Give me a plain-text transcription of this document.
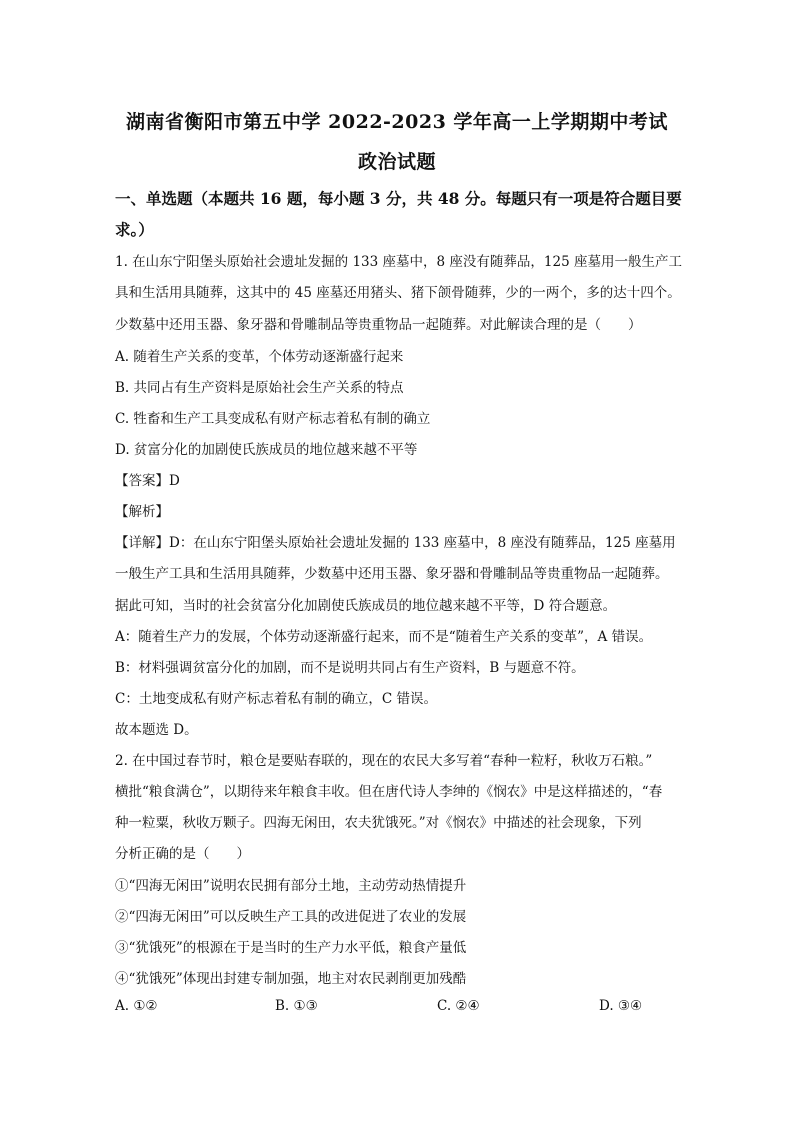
湖南省衡阳市第五中学 2022-2023 学年高一上学期期中考试
政治试题
一、单选题（本题共 16 题，每小题 3 分，共 48 分。每题只有一项是符合题目要
求。）
1. 在山东宁阳堡头原始社会遗址发掘的 133 座墓中，8 座没有随葬品，125 座墓用一般生产工
具和生活用具随葬，这其中的 45 座墓还用猪头、猪下颌骨随葬，少的一两个，多的达十四个。
少数墓中还用玉器、象牙器和骨雕制品等贵重物品一起随葬。对此解读合理的是（　　）
A. 随着生产关系的变革，个体劳动逐渐盛行起来
B. 共同占有生产资料是原始社会生产关系的特点
C. 牲畜和生产工具变成私有财产标志着私有制的确立
D. 贫富分化的加剧使氏族成员的地位越来越不平等
【答案】D
【解析】
【详解】D：在山东宁阳堡头原始社会遗址发掘的 133 座墓中，8 座没有随葬品，125 座墓用
一般生产工具和生活用具随葬，少数墓中还用玉器、象牙器和骨雕制品等贵重物品一起随葬。
据此可知，当时的社会贫富分化加剧使氏族成员的地位越来越不平等，D 符合题意。
A：随着生产力的发展，个体劳动逐渐盛行起来，而不是“随着生产关系的变革”，A 错误。
B：材料强调贫富分化的加剧，而不是说明共同占有生产资料，B 与题意不符。
C：土地变成私有财产标志着私有制的确立，C 错误。
故本题选 D。
2. 在中国过春节时，粮仓是要贴春联的，现在的农民大多写着“春种一粒籽，秋收万石粮。”
横批“粮食满仓”，以期待来年粮食丰收。但在唐代诗人李绅的《悯农》中是这样描述的，“春
种一粒粟，秋收万颗子。四海无闲田，农夫犹饿死。”对《悯农》中描述的社会现象，下列
分析正确的是（　　）
①“四海无闲田”说明农民拥有部分土地，主动劳动热情提升
②“四海无闲田”可以反映生产工具的改进促进了农业的发展
③“犹饿死”的根源在于是当时的生产力水平低，粮食产量低
④“犹饿死”体现出封建专制加强，地主对农民剥削更加残酷
A. ①②	B. ①③	C. ②④	D. ③④
